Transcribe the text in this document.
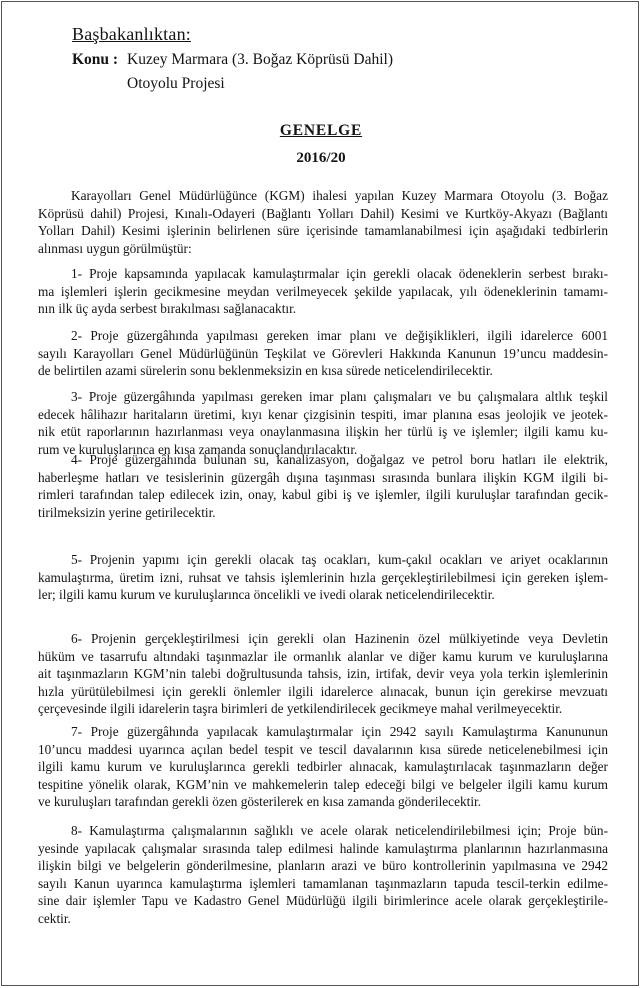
Başbakanlıktan:
Konu : Kuzey Marmara (3. Boğaz Köprüsü Dahil)
Otoyolu Projesi
GENELGE
2016/20
Karayolları Genel Müdürlüğünce (KGM) ihalesi yapılan Kuzey Marmara Otoyolu (3. Boğaz
Köprüsü dahil) Projesi, Kınalı-Odayeri (Bağlantı Yolları Dahil) Kesimi ve Kurtköy-Akyazı (Bağlantı
Yolları Dahil) Kesimi işlerinin belirlenen süre içerisinde tamamlanabilmesi için aşağıdaki tedbirlerin
alınması uygun görülmüştür:
1- Proje kapsamında yapılacak kamulaştırmalar için gerekli olacak ödeneklerin serbest bırakı-
ma işlemleri işlerin gecikmesine meydan verilmeyecek şekilde yapılacak, yılı ödeneklerinin tamamı-
nın ilk üç ayda serbest bırakılması sağlanacaktır.
2- Proje güzergâhında yapılması gereken imar planı ve değişiklikleri, ilgili idarelerce 6001
sayılı Karayolları Genel Müdürlüğünün Teşkilat ve Görevleri Hakkında Kanunun 19’uncu maddesin-
de belirtilen azami sürelerin sonu beklenmeksizin en kısa sürede neticelendirilecektir.
3- Proje güzergâhında yapılması gereken imar planı çalışmaları ve bu çalışmalara altlık teşkil
edecek hâlihazır haritaların üretimi, kıyı kenar çizgisinin tespiti, imar planına esas jeolojik ve jeotek-
nik etüt raporlarının hazırlanması veya onaylanmasına ilişkin her türlü iş ve işlemler; ilgili kamu ku-
rum ve kuruluşlarınca en kısa zamanda sonuçlandırılacaktır.
4- Proje güzergâhında bulunan su, kanalizasyon, doğalgaz ve petrol boru hatları ile elektrik,
haberleşme hatları ve tesislerinin güzergâh dışına taşınması sırasında bunlara ilişkin KGM ilgili bi-
rimleri tarafından talep edilecek izin, onay, kabul gibi iş ve işlemler, ilgili kuruluşlar tarafından gecik-
tirilmeksizin yerine getirilecektir.
5- Projenin yapımı için gerekli olacak taş ocakları, kum-çakıl ocakları ve ariyet ocaklarının
kamulaştırma, üretim izni, ruhsat ve tahsis işlemlerinin hızla gerçekleştirilebilmesi için gereken işlem-
ler; ilgili kamu kurum ve kuruluşlarınca öncelikli ve ivedi olarak neticelendirilecektir.
6- Projenin gerçekleştirilmesi için gerekli olan Hazinenin özel mülkiyetinde veya Devletin
hüküm ve tasarrufu altındaki taşınmazlar ile ormanlık alanlar ve diğer kamu kurum ve kuruluşlarına
ait taşınmazların KGM’nin talebi doğrultusunda tahsis, izin, irtifak, devir veya yola terkin işlemlerinin
hızla yürütülebilmesi için gerekli önlemler ilgili idarelerce alınacak, bunun için gerekirse mevzuatı
çerçevesinde ilgili idarelerin taşra birimleri de yetkilendirilecek gecikmeye mahal verilmeyecektir.
7- Proje güzergâhında yapılacak kamulaştırmalar için 2942 sayılı Kamulaştırma Kanununun
10’uncu maddesi uyarınca açılan bedel tespit ve tescil davalarının kısa sürede neticelenebilmesi için
ilgili kamu kurum ve kuruluşlarınca gerekli tedbirler alınacak, kamulaştırılacak taşınmazların değer
tespitine yönelik olarak, KGM’nin ve mahkemelerin talep edeceği bilgi ve belgeler ilgili kamu kurum
ve kuruluşları tarafından gerekli özen gösterilerek en kısa zamanda gönderilecektir.
8- Kamulaştırma çalışmalarının sağlıklı ve acele olarak neticelendirilebilmesi için; Proje bün-
yesinde yapılacak çalışmalar sırasında talep edilmesi halinde kamulaştırma planlarının hazırlanmasına
ilişkin bilgi ve belgelerin gönderilmesine, planların arazi ve büro kontrollerinin yapılmasına ve 2942
sayılı Kanun uyarınca kamulaştırma işlemleri tamamlanan taşınmazların tapuda tescil-terkin edilme-
sine dair işlemler Tapu ve Kadastro Genel Müdürlüğü ilgili birimlerince acele olarak gerçekleştirile-
cektir.
